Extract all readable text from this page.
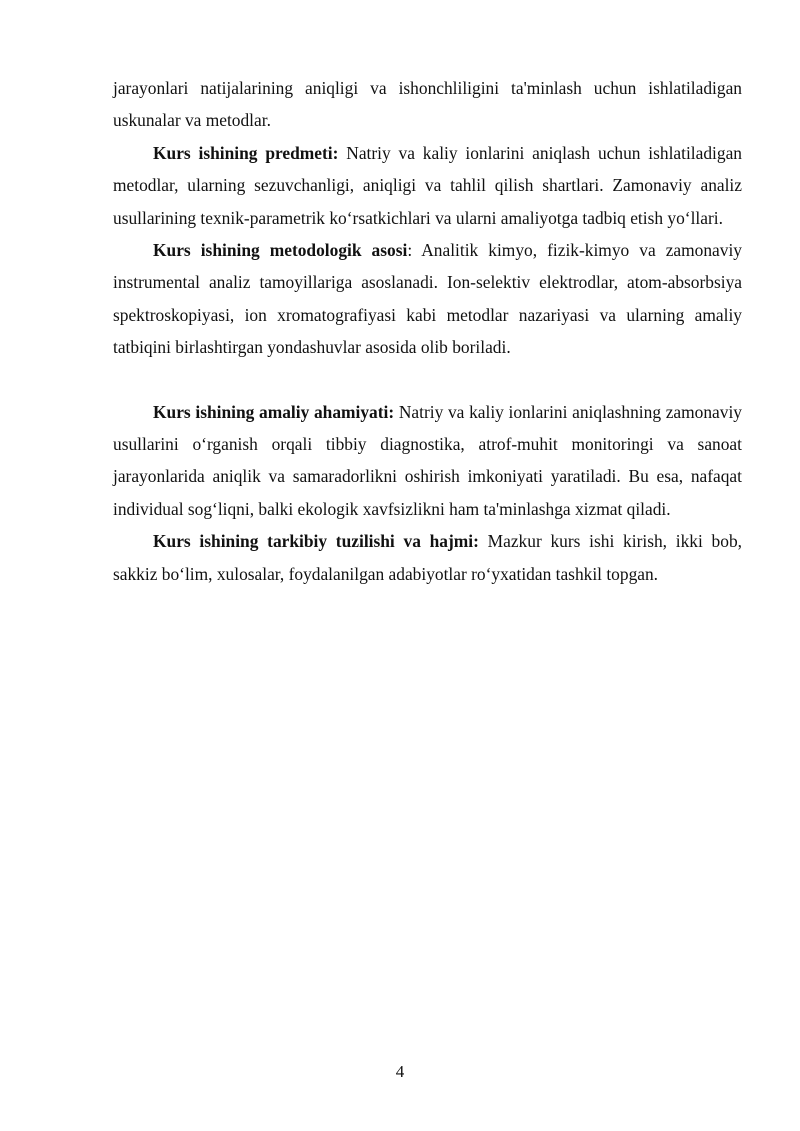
jarayonlari natijalarining aniqligi va ishonchliligini ta'minlash uchun ishlatiladigan uskunalar va metodlar.

Kurs ishining predmeti: Natriy va kaliy ionlarini aniqlash uchun ishlatiladigan metodlar, ularning sezuvchanligi, aniqligi va tahlil qilish shartlari. Zamonaviy analiz usullarining texnik-parametrik koʻrsatkichlari va ularni amaliyotga tadbiq etish yoʻllari.

Kurs ishining metodologik asosi: Analitik kimyo, fizik-kimyo va zamonaviy instrumental analiz tamoyillariga asoslanadi. Ion-selektiv elektrodlar, atom-absorbsiya spektroskopiyasi, ion xromatografiyasi kabi metodlar nazariyasi va ularning amaliy tatbiqini birlashtirgan yondashuvlar asosida olib boriladi.

Kurs ishining amaliy ahamiyati: Natriy va kaliy ionlarini aniqlashning zamonaviy usullarini oʻrganish orqali tibbiy diagnostika, atrof-muhit monitoringi va sanoat jarayonlarida aniqlik va samaradorlikni oshirish imkoniyati yaratiladi. Bu esa, nafaqat individual sogʻliqni, balki ekologik xavfsizlikni ham ta'minlashga xizmat qiladi.

Kurs ishining tarkibiy tuzilishi va hajmi: Mazkur kurs ishi kirish, ikki bob, sakkiz boʻlim, xulosalar, foydalanilgan adabiyotlar roʻyxatidan tashkil topgan.

4
